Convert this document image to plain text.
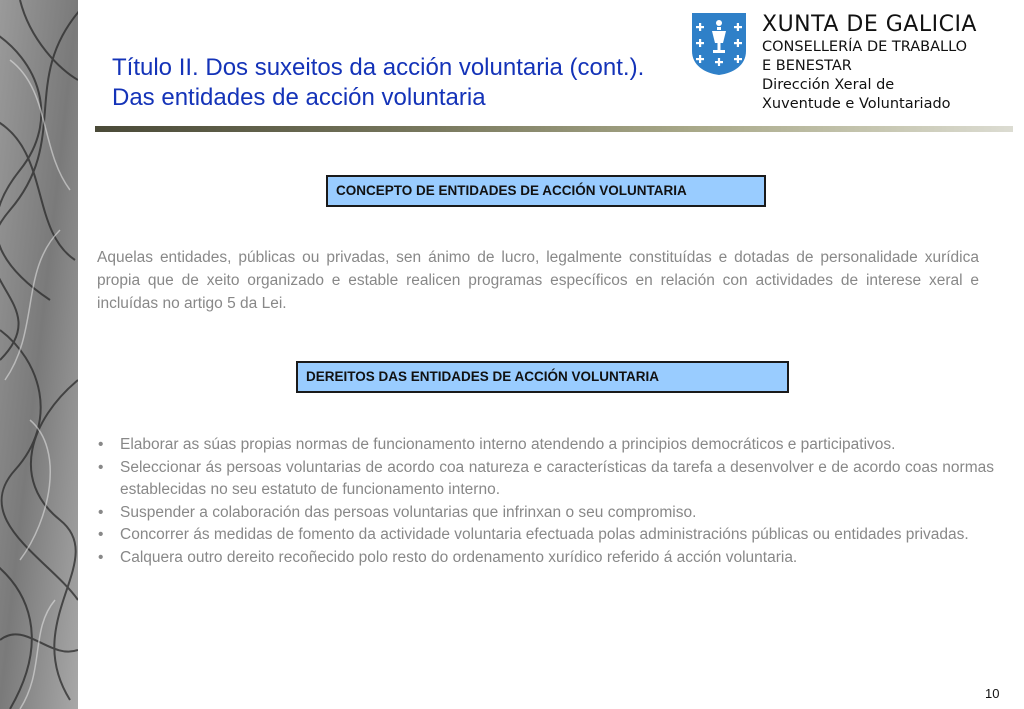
Título II. Dos suxeitos da acción voluntaria (cont.).
Das entidades de acción voluntaria
XUNTA DE GALICIA
CONSELLERÍA DE TRABALLO
E BENESTAR
Dirección Xeral de
Xuventude e Voluntariado
CONCEPTO DE ENTIDADES DE ACCIÓN VOLUNTARIA
Aquelas entidades, públicas ou privadas, sen ánimo de lucro, legalmente constituídas e dotadas de personalidade xurídica propia que de xeito organizado e estable realicen programas específicos en relación con actividades de interese xeral e incluídas no artigo 5 da Lei.
DEREITOS DAS ENTIDADES DE ACCIÓN VOLUNTARIA
• Elaborar as súas propias normas de funcionamento interno atendendo a principios democráticos e participativos.
• Seleccionar ás persoas voluntarias de acordo coa natureza e características da tarefa a desenvolver e de acordo coas normas establecidas no seu estatuto de funcionamento interno.
• Suspender a colaboración das persoas voluntarias que infrinxan o seu compromiso.
• Concorrer ás medidas de fomento da actividade voluntaria efectuada polas administracións públicas ou entidades privadas.
• Calquera outro dereito recoñecido polo resto do ordenamento xurídico referido á acción voluntaria.
10
